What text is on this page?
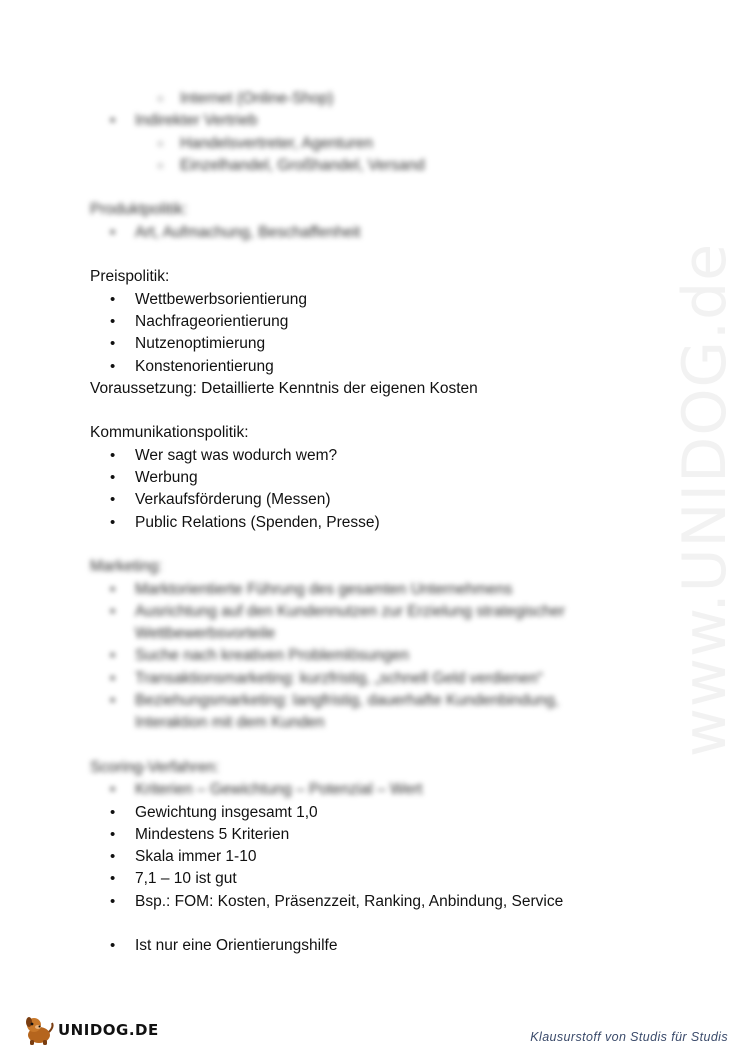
www.UNIDOG.de
○ Internet (Online-Shop)
• Indirekter Vertrieb
○ Handelsvertreter, Agenturen
○ Einzelhandel, Großhandel, Versand
Produktpolitik:
• Art, Aufmachung, Beschaffenheit
Preispolitik:
• Wettbewerbsorientierung
• Nachfrageorientierung
• Nutzenoptimierung
• Konstenorientierung
Voraussetzung: Detaillierte Kenntnis der eigenen Kosten
Kommunikationspolitik:
• Wer sagt was wodurch wem?
• Werbung
• Verkaufsförderung (Messen)
• Public Relations (Spenden, Presse)
Marketing:
• Marktorientierte Führung des gesamten Unternehmens
• Ausrichtung auf den Kundennutzen zur Erzielung strategischer
Wettbewerbsvorteile
• Suche nach kreativen Problemlösungen
• Transaktionsmarketing: kurzfristig, „schnell Geld verdienen“
• Beziehungsmarketing: langfristig, dauerhafte Kundenbindung,
Interaktion mit dem Kunden
Scoring-Verfahren:
• Kriterien – Gewichtung – Potenzial – Wert
• Gewichtung insgesamt 1,0
• Mindestens 5 Kriterien
• Skala immer 1-10
• 7,1 – 10 ist gut
• Bsp.: FOM: Kosten, Präsenzzeit, Ranking, Anbindung, Service
• Ist nur eine Orientierungshilfe
UNIDOG.DE	Klausurstoff von Studis für Studis
